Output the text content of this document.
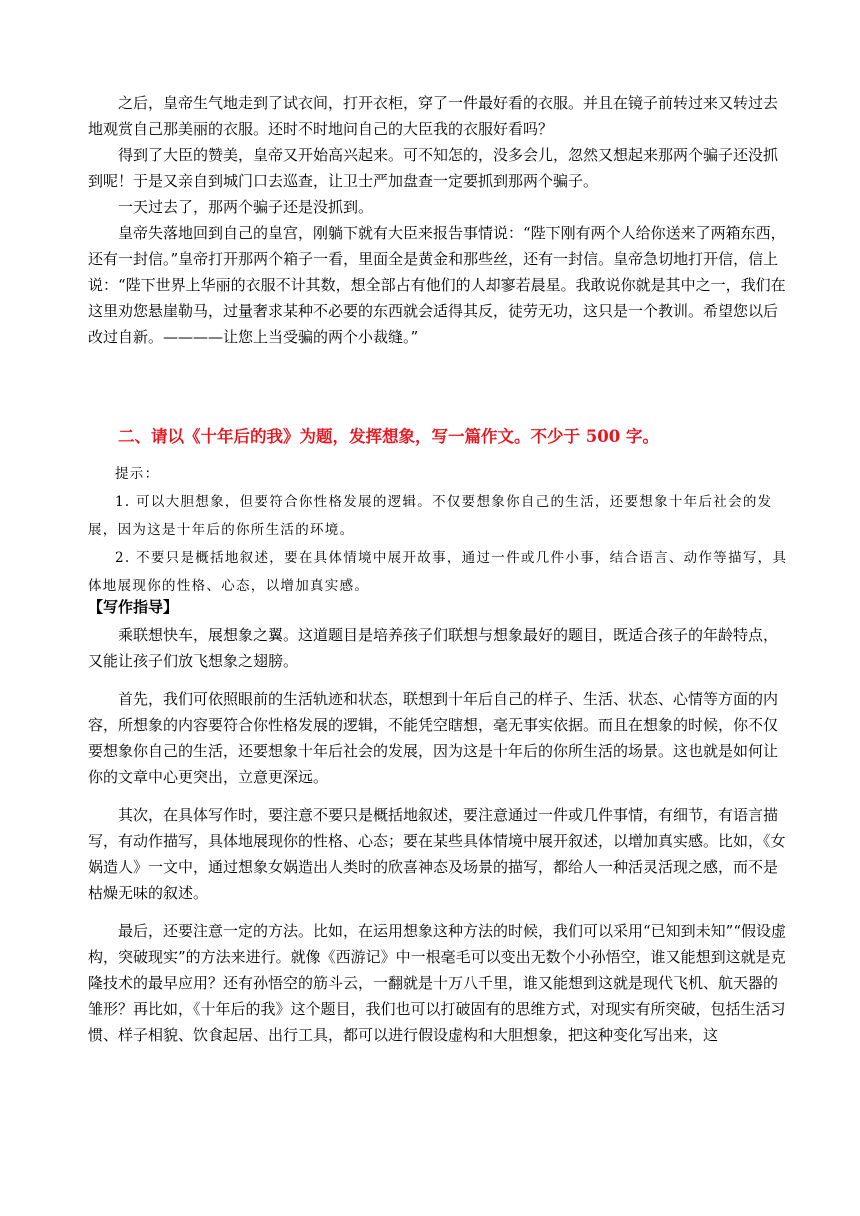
之后，皇帝生气地走到了试衣间，打开衣柜，穿了一件最好看的衣服。并且在镜子前转过来又转过去地观赏自己那美丽的衣服。还时不时地问自己的大臣我的衣服好看吗？

得到了大臣的赞美，皇帝又开始高兴起来。可不知怎的，没多会儿，忽然又想起来那两个骗子还没抓到呢！于是又亲自到城门口去巡查，让卫士严加盘查一定要抓到那两个骗子。

一天过去了，那两个骗子还是没抓到。

皇帝失落地回到自己的皇宫，刚躺下就有大臣来报告事情说：“陛下刚有两个人给你送来了两箱东西，还有一封信。”皇帝打开那两个箱子一看，里面全是黄金和那些丝，还有一封信。皇帝急切地打开信，信上说：“陛下世界上华丽的衣服不计其数，想全部占有他们的人却寥若晨星。我敢说你就是其中之一，我们在这里劝您悬崖勒马，过量奢求某种不必要的东西就会适得其反，徒劳无功，这只是一个教训。希望您以后改过自新。————让您上当受骗的两个小裁缝。”

二、请以《十年后的我》为题，发挥想象，写一篇作文。不少于 500 字。

提示：

1. 可以大胆想象，但要符合你性格发展的逻辑。不仅要想象你自己的生活，还要想象十年后社会的发展，因为这是十年后的你所生活的环境。

2. 不要只是概括地叙述，要在具体情境中展开故事，通过一件或几件小事，结合语言、动作等描写，具体地展现你的性格、心态，以增加真实感。

【写作指导】

乘联想快车，展想象之翼。这道题目是培养孩子们联想与想象最好的题目，既适合孩子的年龄特点，又能让孩子们放飞想象之翅膀。

首先，我们可依照眼前的生活轨迹和状态，联想到十年后自己的样子、生活、状态、心情等方面的内容，所想象的内容要符合你性格发展的逻辑，不能凭空瞎想，毫无事实依据。而且在想象的时候，你不仅要想象你自己的生活，还要想象十年后社会的发展，因为这是十年后的你所生活的场景。这也就是如何让你的文章中心更突出，立意更深远。

其次，在具体写作时，要注意不要只是概括地叙述，要注意通过一件或几件事情，有细节，有语言描写，有动作描写，具体地展现你的性格、心态；要在某些具体情境中展开叙述，以增加真实感。比如，《女娲造人》一文中，通过想象女娲造出人类时的欣喜神态及场景的描写，都给人一种活灵活现之感，而不是枯燥无味的叙述。

最后，还要注意一定的方法。比如，在运用想象这种方法的时候，我们可以采用“已知到未知”“假设虚构，突破现实”的方法来进行。就像《西游记》中一根毫毛可以变出无数个小孙悟空，谁又能想到这就是克隆技术的最早应用？还有孙悟空的筋斗云，一翻就是十万八千里，谁又能想到这就是现代飞机、航天器的雏形？再比如，《十年后的我》这个题目，我们也可以打破固有的思维方式，对现实有所突破，包括生活习惯、样子相貌、饮食起居、出行工具，都可以进行假设虚构和大胆想象，把这种变化写出来，这
